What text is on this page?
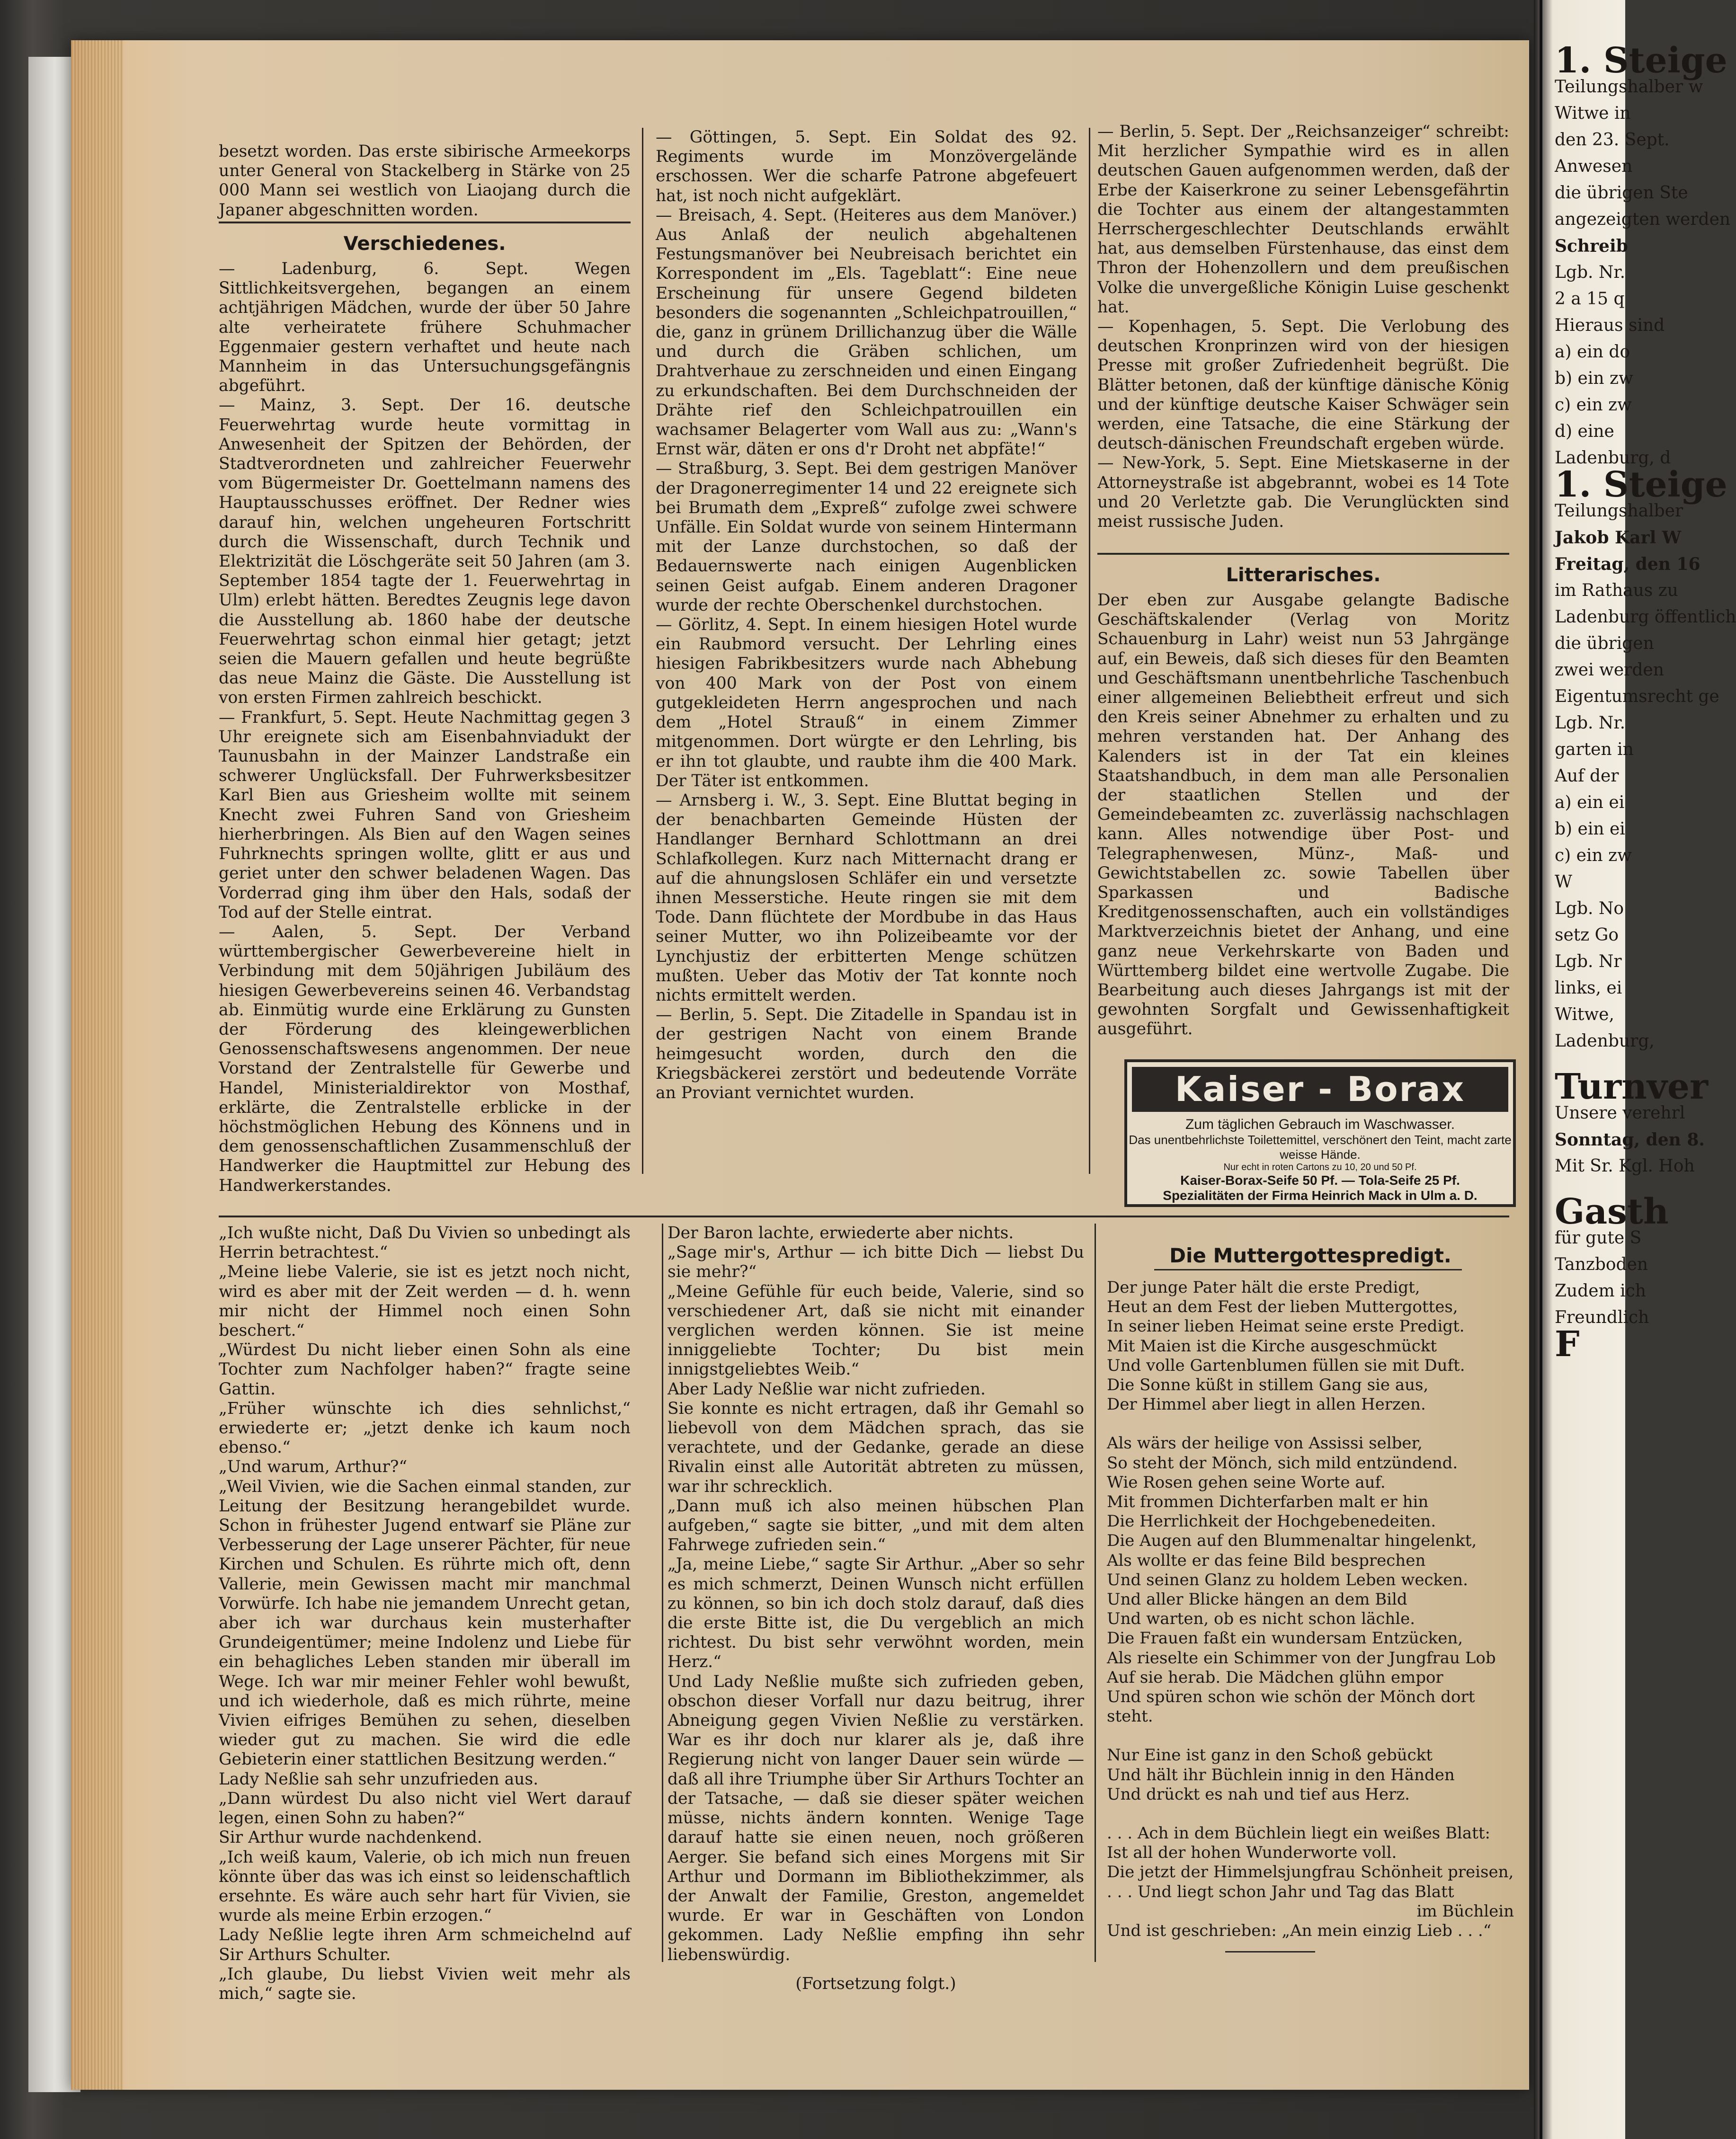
besetzt worden. Das erste sibirische Armeekorps unter General von Stackelberg in Stärke von 25 000 Mann sei westlich von Liaojang durch die Japaner abgeschnitten worden.

Verschiedenes.

— Ladenburg, 6. Sept. Wegen Sittlichkeitsvergehen, begangen an einem achtjährigen Mädchen, wurde der über 50 Jahre alte verheiratete frühere Schuhmacher Eggenmaier gestern verhaftet und heute nach Mannheim in das Untersuchungsgefängnis abgeführt.

— Mainz, 3. Sept. Der 16. deutsche Feuerwehrtag wurde heute vormittag in Anwesenheit der Spitzen der Behörden, der Stadtverordneten und zahlreicher Feuerwehr vom Bügermeister Dr. Goettelmann namens des Hauptausschusses eröffnet. Der Redner wies darauf hin, welchen ungeheuren Fortschritt durch die Wissenschaft, durch Technik und Elektrizität die Löschgeräte seit 50 Jahren (am 3. September 1854 tagte der 1. Feuerwehrtag in Ulm) erlebt hätten. Beredtes Zeugnis lege davon die Ausstellung ab. 1860 habe der deutsche Feuerwehrtag schon einmal hier getagt; jetzt seien die Mauern gefallen und heute begrüßte das neue Mainz die Gäste. Die Ausstellung ist von ersten Firmen zahlreich beschickt.

— Frankfurt, 5. Sept. Heute Nachmittag gegen 3 Uhr ereignete sich am Eisenbahnviadukt der Taunusbahn in der Mainzer Landstraße ein schwerer Unglücksfall. Der Fuhrwerksbesitzer Karl Bien aus Griesheim wollte mit seinem Knecht zwei Fuhren Sand von Griesheim hierherbringen. Als Bien auf den Wagen seines Fuhrknechts springen wollte, glitt er aus und geriet unter den schwer beladenen Wagen. Das Vorderrad ging ihm über den Hals, sodaß der Tod auf der Stelle eintrat.

— Aalen, 5. Sept. Der Verband württembergischer Gewerbevereine hielt in Verbindung mit dem 50jährigen Jubiläum des hiesigen Gewerbevereins seinen 46. Verbandstag ab. Einmütig wurde eine Erklärung zu Gunsten der Förderung des kleingewerblichen Genossenschaftswesens angenommen. Der neue Vorstand der Zentralstelle für Gewerbe und Handel, Ministerialdirektor von Mosthaf, erklärte, die Zentralstelle erblicke in der höchstmöglichen Hebung des Könnens und in dem genossenschaftlichen Zusammenschluß der Handwerker die Hauptmittel zur Hebung des Handwerkerstandes.

— Göttingen, 5. Sept. Ein Soldat des 92. Regiments wurde im Monzövergelände erschossen. Wer die scharfe Patrone abgefeuert hat, ist noch nicht aufgeklärt.

— Breisach, 4. Sept. (Heiteres aus dem Manöver.) Aus Anlaß der neulich abgehaltenen Festungsmanöver bei Neubreisach berichtet ein Korrespondent im „Els. Tageblatt“: Eine neue Erscheinung für unsere Gegend bildeten besonders die sogenannten „Schleichpatrouillen,“ die, ganz in grünem Drillichanzug über die Wälle und durch die Gräben schlichen, um Drahtverhaue zu zerschneiden und einen Eingang zu erkundschaften. Bei dem Durchschneiden der Drähte rief den Schleichpatrouillen ein wachsamer Belagerter vom Wall aus zu: „Wann's Ernst wär, däten er ons d'r Droht net abpfäte!“

— Straßburg, 3. Sept. Bei dem gestrigen Manöver der Dragonerregimenter 14 und 22 ereignete sich bei Brumath dem „Expreß“ zufolge zwei schwere Unfälle. Ein Soldat wurde von seinem Hintermann mit der Lanze durchstochen, so daß der Bedauernswerte nach einigen Augenblicken seinen Geist aufgab. Einem anderen Dragoner wurde der rechte Oberschenkel durchstochen.

— Görlitz, 4. Sept. In einem hiesigen Hotel wurde ein Raubmord versucht. Der Lehrling eines hiesigen Fabrikbesitzers wurde nach Abhebung von 400 Mark von der Post von einem gutgekleideten Herrn angesprochen und nach dem „Hotel Strauß“ in einem Zimmer mitgenommen. Dort würgte er den Lehrling, bis er ihn tot glaubte, und raubte ihm die 400 Mark. Der Täter ist entkommen.

— Arnsberg i. W., 3. Sept. Eine Bluttat beging in der benachbarten Gemeinde Hüsten der Handlanger Bernhard Schlottmann an drei Schlafkollegen. Kurz nach Mitternacht drang er auf die ahnungslosen Schläfer ein und versetzte ihnen Messerstiche. Heute ringen sie mit dem Tode. Dann flüchtete der Mordbube in das Haus seiner Mutter, wo ihn Polizeibeamte vor der Lynchjustiz der erbitterten Menge schützen mußten. Ueber das Motiv der Tat konnte noch nichts ermittelt werden.

— Berlin, 5. Sept. Die Zitadelle in Spandau ist in der gestrigen Nacht von einem Brande heimgesucht worden, durch den die Kriegsbäckerei zerstört und bedeutende Vorräte an Proviant vernichtet wurden.

— Berlin, 5. Sept. Der „Reichsanzeiger“ schreibt: Mit herzlicher Sympathie wird es in allen deutschen Gauen aufgenommen werden, daß der Erbe der Kaiserkrone zu seiner Lebensgefährtin die Tochter aus einem der altangestammten Herrschergeschlechter Deutschlands erwählt hat, aus demselben Fürstenhause, das einst dem Thron der Hohenzollern und dem preußischen Volke die unvergeßliche Königin Luise geschenkt hat.

— Kopenhagen, 5. Sept. Die Verlobung des deutschen Kronprinzen wird von der hiesigen Presse mit großer Zufriedenheit begrüßt. Die Blätter betonen, daß der künftige dänische König und der künftige deutsche Kaiser Schwäger sein werden, eine Tatsache, die eine Stärkung der deutsch-dänischen Freundschaft ergeben würde.

— New-York, 5. Sept. Eine Mietskaserne in der Attorneystraße ist abgebrannt, wobei es 14 Tote und 20 Verletzte gab. Die Verunglückten sind meist russische Juden.

Litterarisches.

Der eben zur Ausgabe gelangte Badische Geschäftskalender (Verlag von Moritz Schauenburg in Lahr) weist nun 53 Jahrgänge auf, ein Beweis, daß sich dieses für den Beamten und Geschäftsmann unentbehrliche Taschenbuch einer allgemeinen Beliebtheit erfreut und sich den Kreis seiner Abnehmer zu erhalten und zu mehren verstanden hat. Der Anhang des Kalenders ist in der Tat ein kleines Staatshandbuch, in dem man alle Personalien der staatlichen Stellen und der Gemeindebeamten zc. zuverlässig nachschlagen kann. Alles notwendige über Post- und Telegraphenwesen, Münz-, Maß- und Gewichtstabellen zc. sowie Tabellen über Sparkassen und Badische Kreditgenossenschaften, auch ein vollständiges Marktverzeichnis bietet der Anhang, und eine ganz neue Verkehrskarte von Baden und Württemberg bildet eine wertvolle Zugabe. Die Bearbeitung auch dieses Jahrgangs ist mit der gewohnten Sorgfalt und Gewissenhaftigkeit ausgeführt.

Kaiser - Borax
Zum täglichen Gebrauch im Waschwasser.
Das unentbehrlichste Toilettemittel, verschönert den Teint, macht zarte weisse Hände.
Nur echt in roten Cartons zu 10, 20 und 50 Pf.
Kaiser-Borax-Seife 50 Pf. — Tola-Seife 25 Pf.
Spezialitäten der Firma Heinrich Mack in Ulm a. D.

„Ich wußte nicht, Daß Du Vivien so unbedingt als Herrin betrachtest.“

„Meine liebe Valerie, sie ist es jetzt noch nicht, wird es aber mit der Zeit werden — d. h. wenn mir nicht der Himmel noch einen Sohn beschert.“

„Würdest Du nicht lieber einen Sohn als eine Tochter zum Nachfolger haben?“ fragte seine Gattin.

„Früher wünschte ich dies sehnlichst,“ erwiederte er; „jetzt denke ich kaum noch ebenso.“

„Und warum, Arthur?“

„Weil Vivien, wie die Sachen einmal standen, zur Leitung der Besitzung herangebildet wurde. Schon in frühester Jugend entwarf sie Pläne zur Verbesserung der Lage unserer Pächter, für neue Kirchen und Schulen. Es rührte mich oft, denn Vallerie, mein Gewissen macht mir manchmal Vorwürfe. Ich habe nie jemandem Unrecht getan, aber ich war durchaus kein musterhafter Grundeigentümer; meine Indolenz und Liebe für ein behagliches Leben standen mir überall im Wege. Ich war mir meiner Fehler wohl bewußt, und ich wiederhole, daß es mich rührte, meine Vivien eifriges Bemühen zu sehen, dieselben wieder gut zu machen. Sie wird die edle Gebieterin einer stattlichen Besitzung werden.“

Lady Neßlie sah sehr unzufrieden aus.

„Dann würdest Du also nicht viel Wert darauf legen, einen Sohn zu haben?“

Sir Arthur wurde nachdenkend.

„Ich weiß kaum, Valerie, ob ich mich nun freuen könnte über das was ich einst so leidenschaftlich ersehnte. Es wäre auch sehr hart für Vivien, sie wurde als meine Erbin erzogen.“

Lady Neßlie legte ihren Arm schmeichelnd auf Sir Arthurs Schulter.

„Ich glaube, Du liebst Vivien weit mehr als mich,“ sagte sie.

Der Baron lachte, erwiederte aber nichts.

„Sage mir's, Arthur — ich bitte Dich — liebst Du sie mehr?“

„Meine Gefühle für euch beide, Valerie, sind so verschiedener Art, daß sie nicht mit einander verglichen werden können. Sie ist meine inniggeliebte Tochter; Du bist mein innigstgeliebtes Weib.“

Aber Lady Neßlie war nicht zufrieden.

Sie konnte es nicht ertragen, daß ihr Gemahl so liebevoll von dem Mädchen sprach, das sie verachtete, und der Gedanke, gerade an diese Rivalin einst alle Autorität abtreten zu müssen, war ihr schrecklich.

„Dann muß ich also meinen hübschen Plan aufgeben,“ sagte sie bitter, „und mit dem alten Fahrwege zufrieden sein.“

„Ja, meine Liebe,“ sagte Sir Arthur. „Aber so sehr es mich schmerzt, Deinen Wunsch nicht erfüllen zu können, so bin ich doch stolz darauf, daß dies die erste Bitte ist, die Du vergeblich an mich richtest. Du bist sehr verwöhnt worden, mein Herz.“

Und Lady Neßlie mußte sich zufrieden geben, obschon dieser Vorfall nur dazu beitrug, ihrer Abneigung gegen Vivien Neßlie zu verstärken. War es ihr doch nur klarer als je, daß ihre Regierung nicht von langer Dauer sein würde — daß all ihre Triumphe über Sir Arthurs Tochter an der Tatsache, — daß sie dieser später weichen müsse, nichts ändern konnten. Wenige Tage darauf hatte sie einen neuen, noch größeren Aerger. Sie befand sich eines Morgens mit Sir Arthur und Dormann im Bibliothekzimmer, als der Anwalt der Familie, Greston, angemeldet wurde. Er war in Geschäften von London gekommen. Lady Neßlie empfing ihn sehr liebenswürdig.

(Fortsetzung folgt.)

Die Muttergottespredigt.
Der junge Pater hält die erste Predigt,
Heut an dem Fest der lieben Muttergottes,
In seiner lieben Heimat seine erste Predigt.
Mit Maien ist die Kirche ausgeschmückt
Und volle Gartenblumen füllen sie mit Duft.
Die Sonne küßt in stillem Gang sie aus,
Der Himmel aber liegt in allen Herzen.
Als wärs der heilige von Assissi selber,
So steht der Mönch, sich mild entzündend.
Wie Rosen gehen seine Worte auf.
Mit frommen Dichterfarben malt er hin
Die Herrlichkeit der Hochgebenedeiten.
Die Augen auf den Blummenaltar hingelenkt,
Als wollte er das feine Bild besprechen
Und seinen Glanz zu holdem Leben wecken.
Und aller Blicke hängen an dem Bild
Und warten, ob es nicht schon lächle.
Die Frauen faßt ein wundersam Entzücken,
Als rieselte ein Schimmer von der Jungfrau Lob
Auf sie herab. Die Mädchen glühn empor
Und spüren schon wie schön der Mönch dort steht.
Nur Eine ist ganz in den Schoß gebückt
Und hält ihr Büchlein innig in den Händen
Und drückt es nah und tief aus Herz.
. . . Ach in dem Büchlein liegt ein weißes Blatt:
Ist all der hohen Wunderworte voll.
Die jetzt der Himmelsjungfrau Schönheit preisen,
. . . Und liegt schon Jahr und Tag das Blatt
im Büchlein
Und ist geschrieben: „An mein einzig Lieb . . .“
1. Steige
Teilungshalber w
Witwe in
den 23. Sept.
Anwesen
die übrigen Ste
angezeigten werden
Schreib
Lgb. Nr.
2 a 15 q
Hieraus sind
a) ein do
b) ein zw
c) ein zw
d) eine
Ladenburg, d
1. Steige
Teilungshalber
Jakob Karl W
Freitag, den 16
im Rathaus zu
Ladenburg öffentlich
die übrigen
zwei werden
Eigentumsrecht ge
Lgb. Nr.
garten in
Auf der
a) ein ei
b) ein ei
c) ein zw
W
Lgb. No
setz Go
Lgb. Nr
links, ei
Witwe,
Ladenburg,
Turnver
Unsere verehrl
Sonntag, den 8.
Mit Sr. Kgl. Hoh
Gasth
für gute S
Tanzboden
Zudem ich
Freundlich
F
